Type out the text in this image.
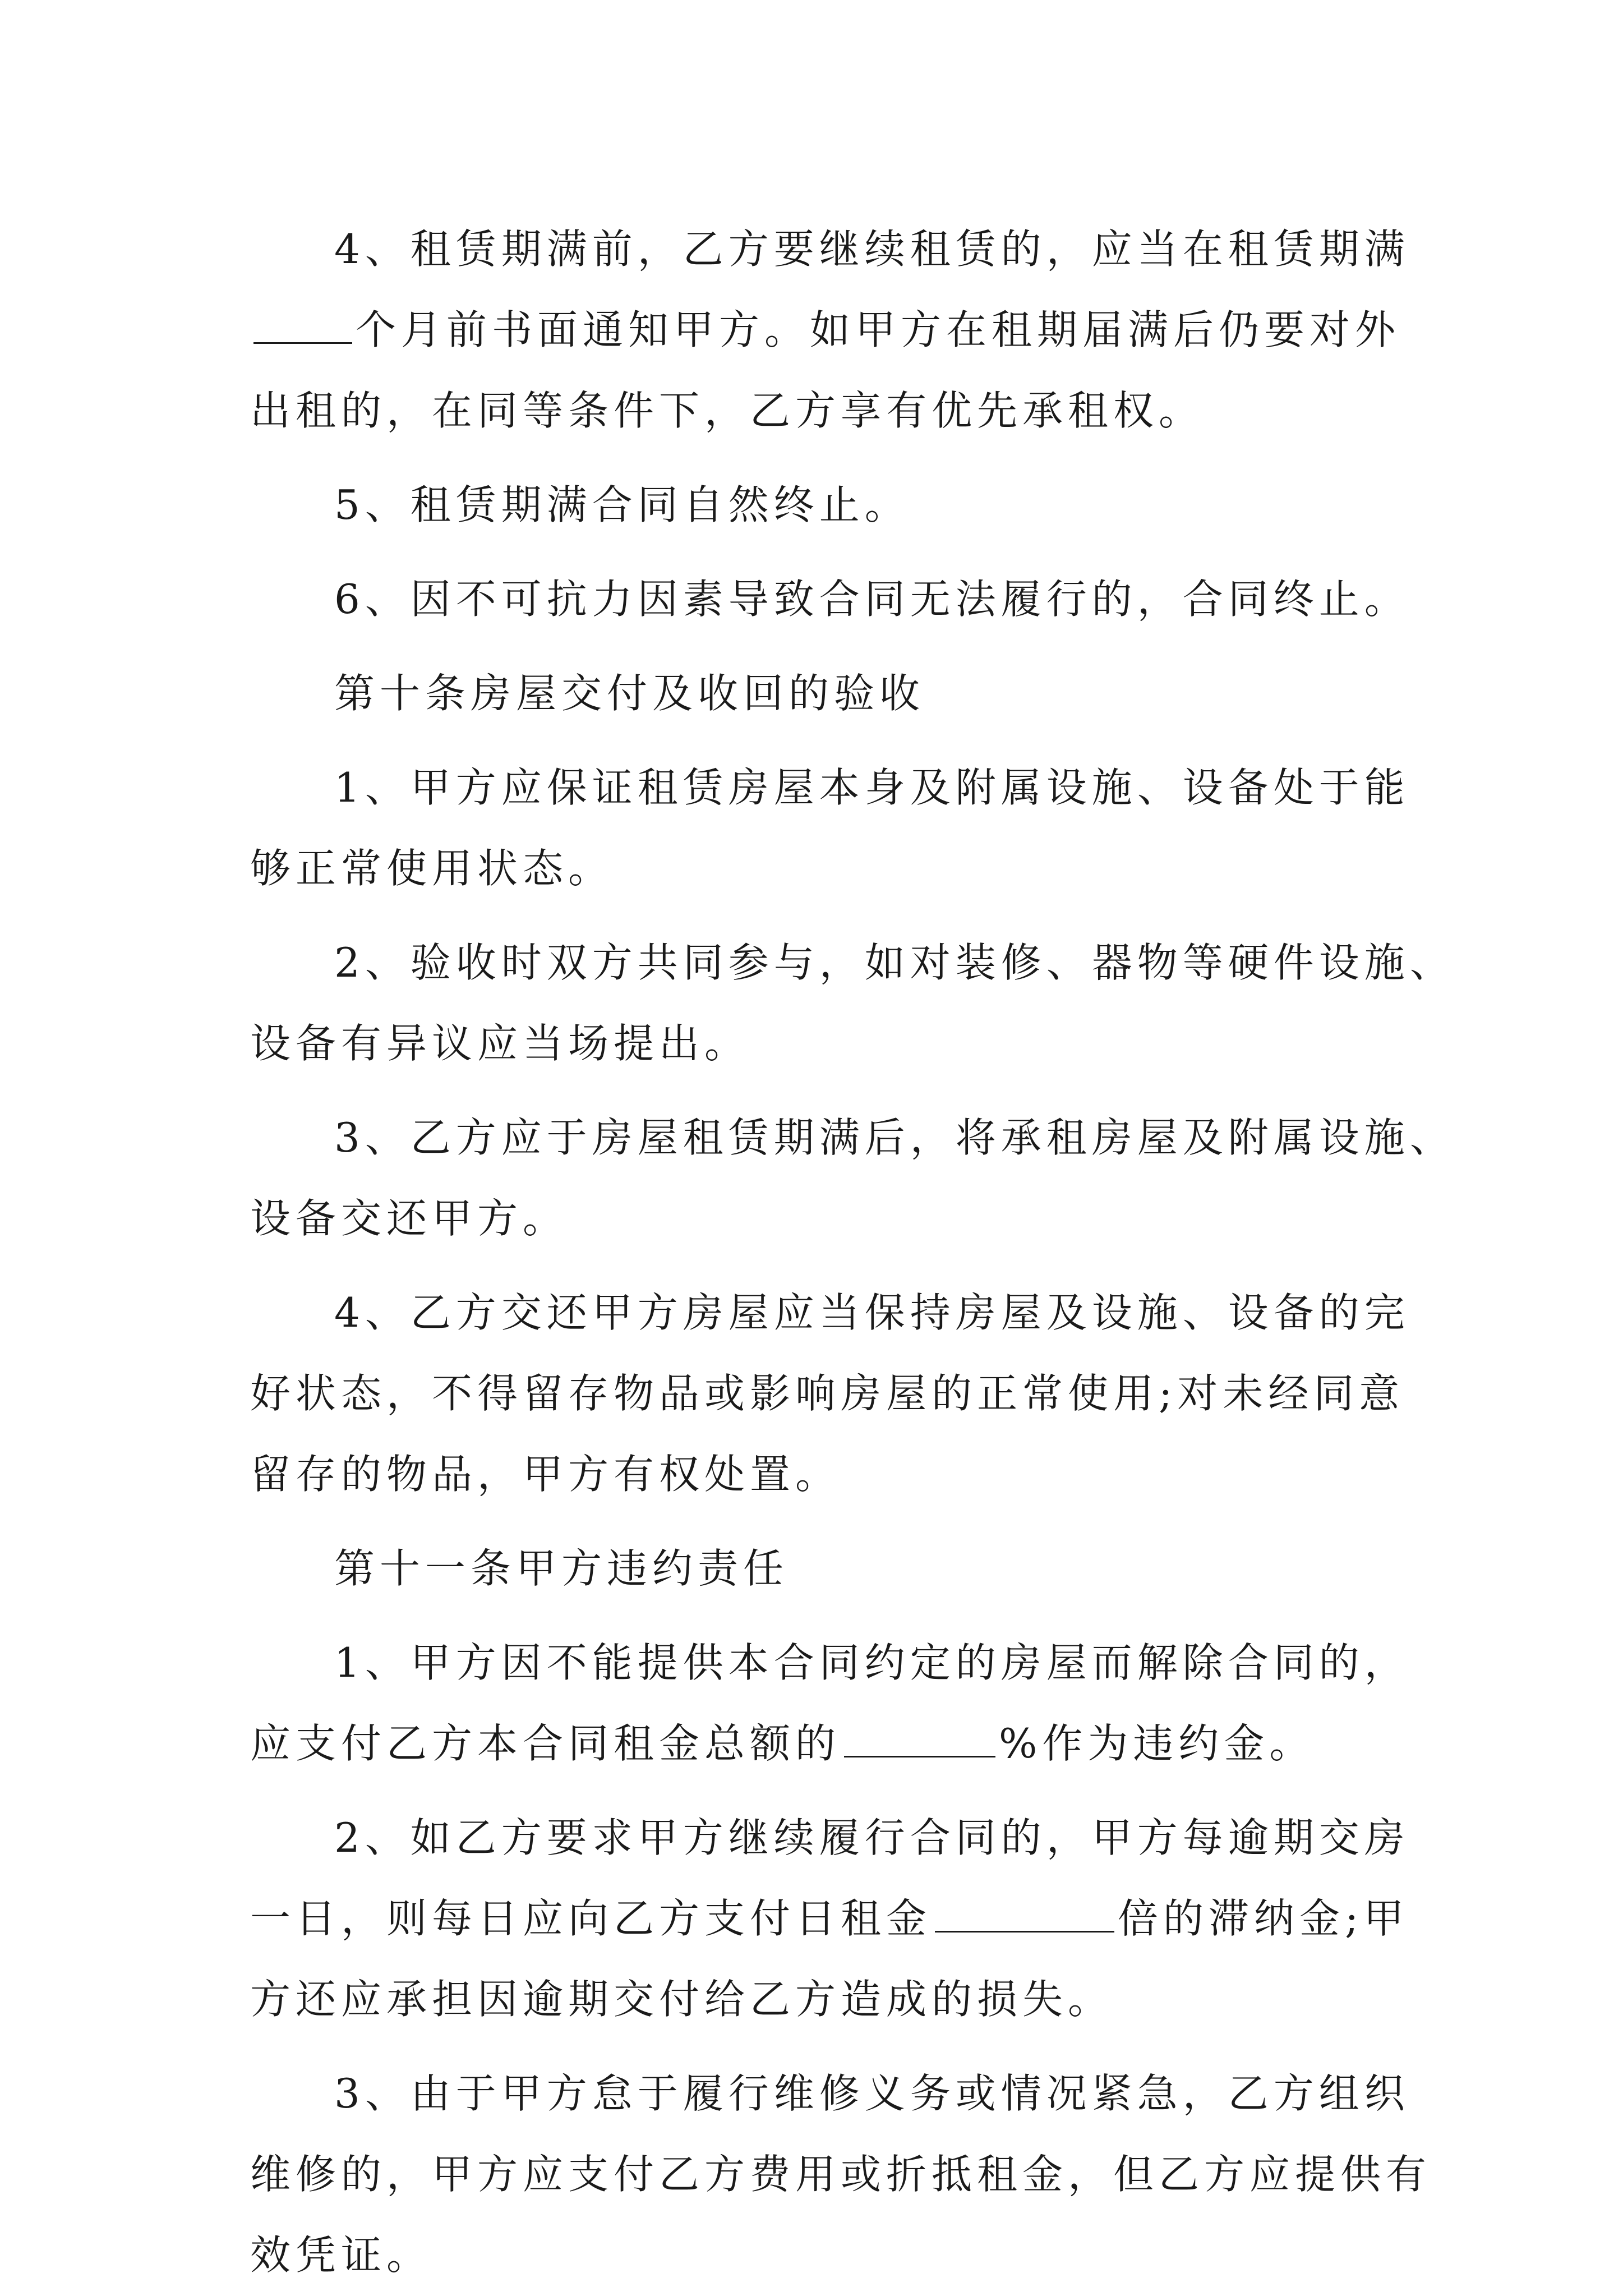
4、租赁期满前，乙方要继续租赁的，应当在租赁期满

个月前书面通知甲方。如甲方在租期届满后仍要对外

出租的，在同等条件下，乙方享有优先承租权。

5、租赁期满合同自然终止。

6、因不可抗力因素导致合同无法履行的，合同终止。

第十条房屋交付及收回的验收

1、甲方应保证租赁房屋本身及附属设施、设备处于能

够正常使用状态。

2、验收时双方共同参与，如对装修、器物等硬件设施、

设备有异议应当场提出。

3、乙方应于房屋租赁期满后，将承租房屋及附属设施、

设备交还甲方。

4、乙方交还甲方房屋应当保持房屋及设施、设备的完

好状态，不得留存物品或影响房屋的正常使用;对未经同意

留存的物品，甲方有权处置。

第十一条甲方违约责任

1、甲方因不能提供本合同约定的房屋而解除合同的，

应支付乙方本合同租金总额的	%作为违约金。

2、如乙方要求甲方继续履行合同的，甲方每逾期交房

一日，则每日应向乙方支付日租金	倍的滞纳金;甲

方还应承担因逾期交付给乙方造成的损失。

3、由于甲方怠于履行维修义务或情况紧急，乙方组织

维修的，甲方应支付乙方费用或折抵租金，但乙方应提供有

效凭证。
